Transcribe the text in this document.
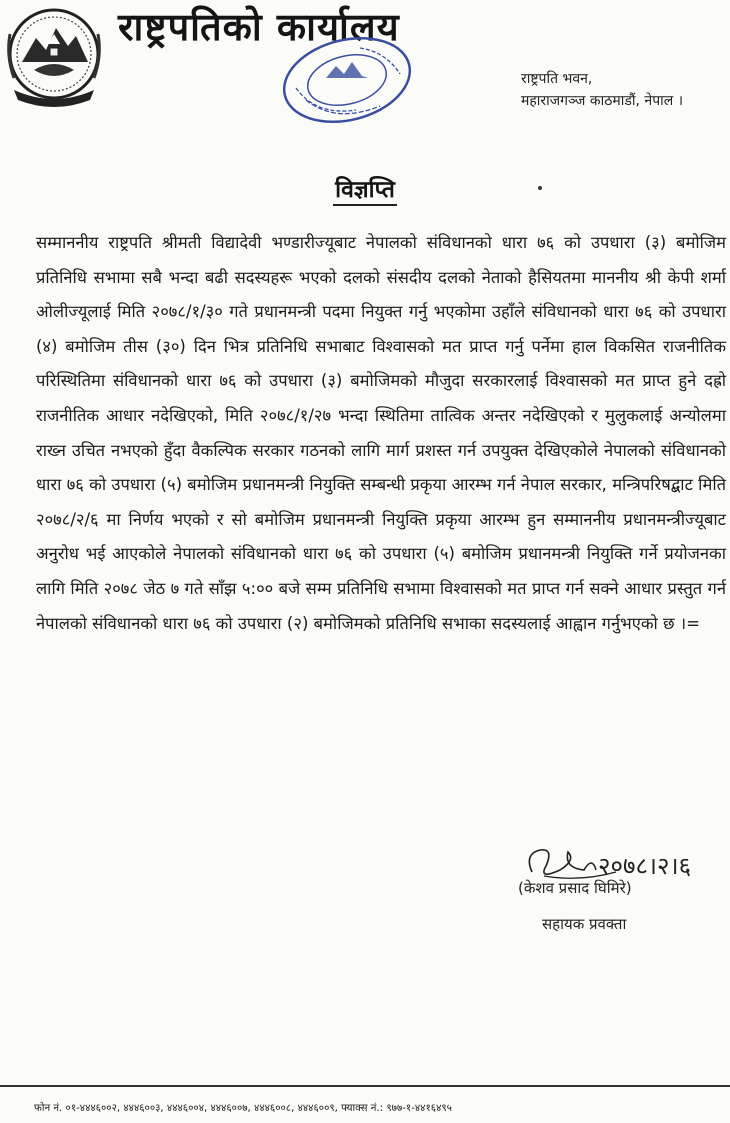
राष्ट्रपतिको कार्यालय
राष्ट्रपति भवन,
महाराजगञ्ज काठमाडौं, नेपाल ।
विज्ञप्ति
सम्माननीय राष्ट्रपति श्रीमती विद्यादेवी भण्डारीज्यूबाट नेपालको संविधानको धारा ७६ को उपधारा (३) बमोजिम प्रतिनिधि सभामा सबै भन्दा बढी सदस्यहरू भएको दलको संसदीय दलको नेताको हैसियतमा माननीय श्री केपी शर्मा ओलीज्यूलाई मिति २०७८/१/३० गते प्रधानमन्त्री पदमा नियुक्त गर्नु भएकोमा उहाँले संविधानको धारा ७६ को उपधारा (४) बमोजिम तीस (३०) दिन भित्र प्रतिनिधि सभाबाट विश्वासको मत प्राप्त गर्नु पर्नेमा हाल विकसित राजनीतिक परिस्थितिमा संविधानको धारा ७६ को उपधारा (३) बमोजिमको मौजुदा सरकारलाई विश्वासको मत प्राप्त हुने दह्रो राजनीतिक आधार नदेखिएको, मिति २०७८/१/२७ भन्दा स्थितिमा तात्विक अन्तर नदेखिएको र मुलुकलाई अन्योलमा राख्न उचित नभएको हुँदा वैकल्पिक सरकार गठनको लागि मार्ग प्रशस्त गर्न उपयुक्त देखिएकोले नेपालको संविधानको धारा ७६ को उपधारा (५) बमोजिम प्रधानमन्त्री नियुक्ति सम्बन्धी प्रकृया आरम्भ गर्न नेपाल सरकार, मन्त्रिपरिषद्बाट मिति २०७८/२/६ मा निर्णय भएको र सो बमोजिम प्रधानमन्त्री नियुक्ति प्रकृया आरम्भ हुन सम्माननीय प्रधानमन्त्रीज्यूबाट अनुरोध भई आएकोले नेपालको संविधानको धारा ७६ को उपधारा (५) बमोजिम प्रधानमन्त्री नियुक्ति गर्ने प्रयोजनका लागि मिति २०७८ जेठ ७ गते साँझ ५:०० बजे सम्म प्रतिनिधि सभामा विश्वासको मत प्राप्त गर्न सक्ने आधार प्रस्तुत गर्न नेपालको संविधानको धारा ७६ को उपधारा (२) बमोजिमको प्रतिनिधि सभाका सदस्यलाई आह्वान गर्नुभएको छ ।=
२०७८।२।६
(केशव प्रसाद घिमिरे)
सहायक प्रवक्ता
फोन नं. ०१-४४४६००२, ४४४६००३, ४४४६००४, ४४४६००७, ४४४६००८, ४४४६००९, फ्याक्स नं.: ९७७-१-४४१६४९५
